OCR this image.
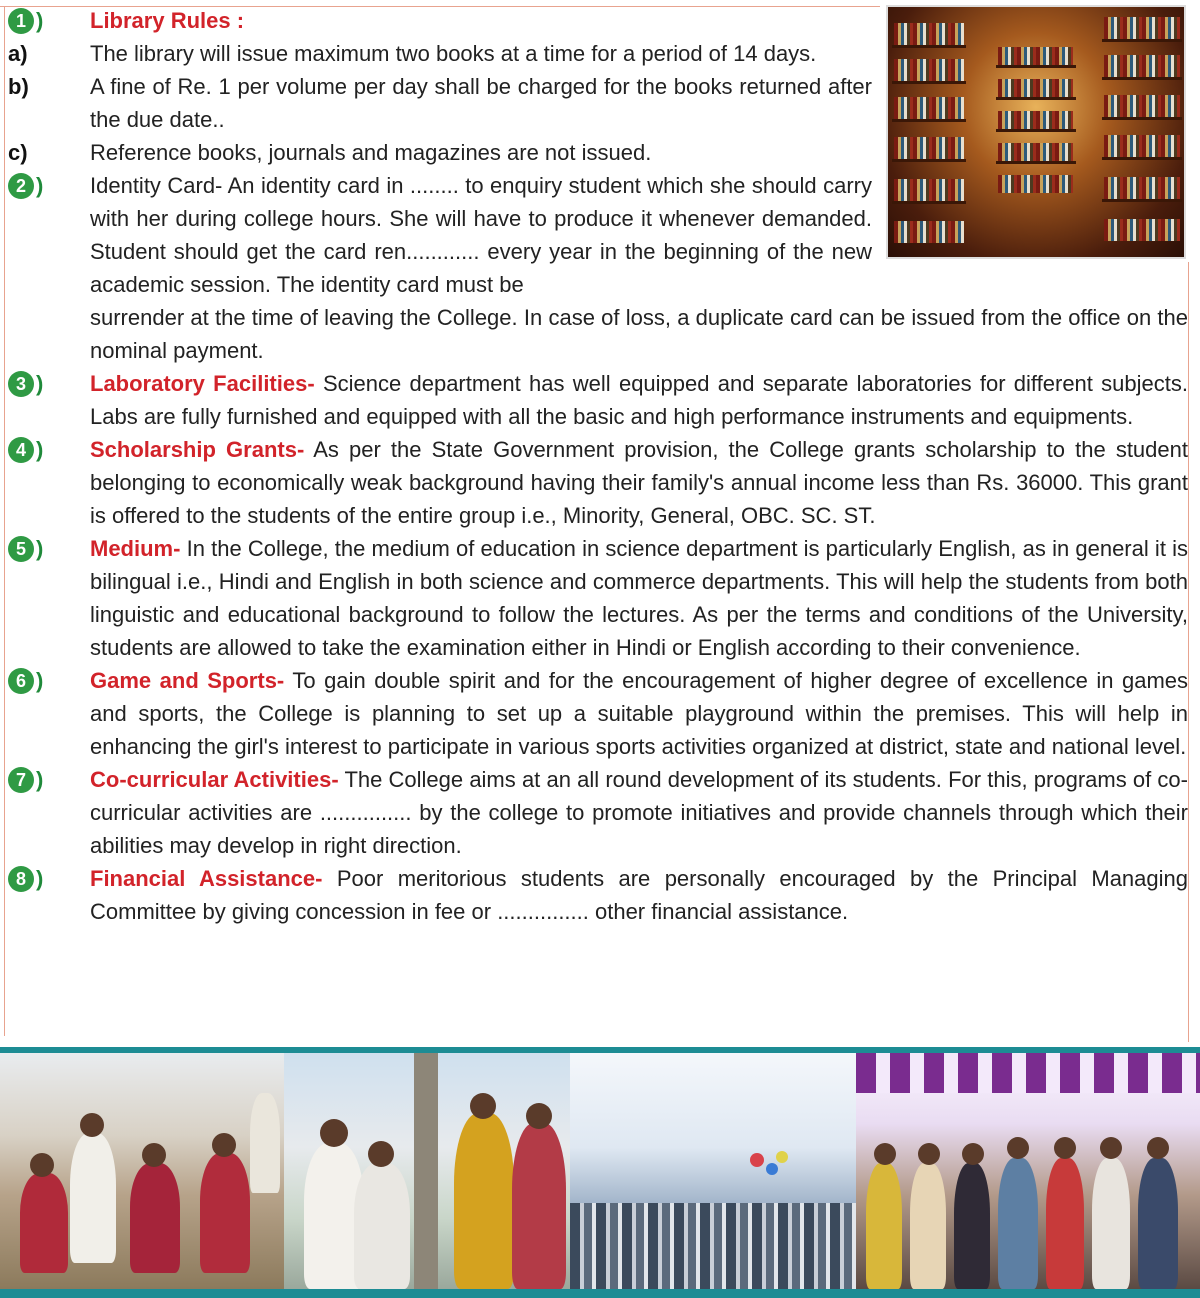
1 )	Library Rules :
a)	The library will issue maximum two books at a time for a period of 14 days.
b)	A fine of Re. 1 per volume per day shall be charged for the books returned after the due date..
c)	Reference books, journals and magazines are not issued.
2 )	Identity Card- An identity card in ........ to enquiry student which she should carry with her during college hours. She will have to produce it whenever demanded. Student should get the card ren............ every year in the beginning of the new academic session. The identity card must be
surrender at the time of leaving the College. In case of loss, a duplicate card can be issued from the office on the nominal payment.
3 )	Laboratory Facilities- Science department has well equipped and separate laboratories for different subjects. Labs are fully furnished and equipped with all the basic and high performance instruments and equipments.
4 )	Scholarship Grants- As per the State Government provision, the College grants scholarship to the student belonging to economically weak background having their family's annual income less than Rs. 36000. This grant is offered to the students of the entire group i.e., Minority, General, OBC. SC. ST.
5 )	Medium- In the College, the medium of education in science department is particularly English, as in general it is bilingual i.e., Hindi and English in both science and commerce departments. This will help the students from both linguistic and educational background to follow the lectures. As per the terms and conditions of the University, students are allowed to take the examination either in Hindi or English according to their convenience.
6 )	Game and Sports- To gain double spirit and for the encouragement of higher degree of excellence in games and sports, the College is planning to set up a suitable playground within the premises. This will help in enhancing the girl's interest to participate in various sports activities organized at district, state and national level.
7 )	Co-curricular Activities- The College aims at an all round development of its students. For this, programs of co-curricular activities are ............... by the college to promote initiatives and provide channels through which their abilities may develop in right direction.
8 )	Financial Assistance- Poor meritorious students are personally encouraged by the Principal Managing Committee by giving concession in fee or ............... other financial assistance.
